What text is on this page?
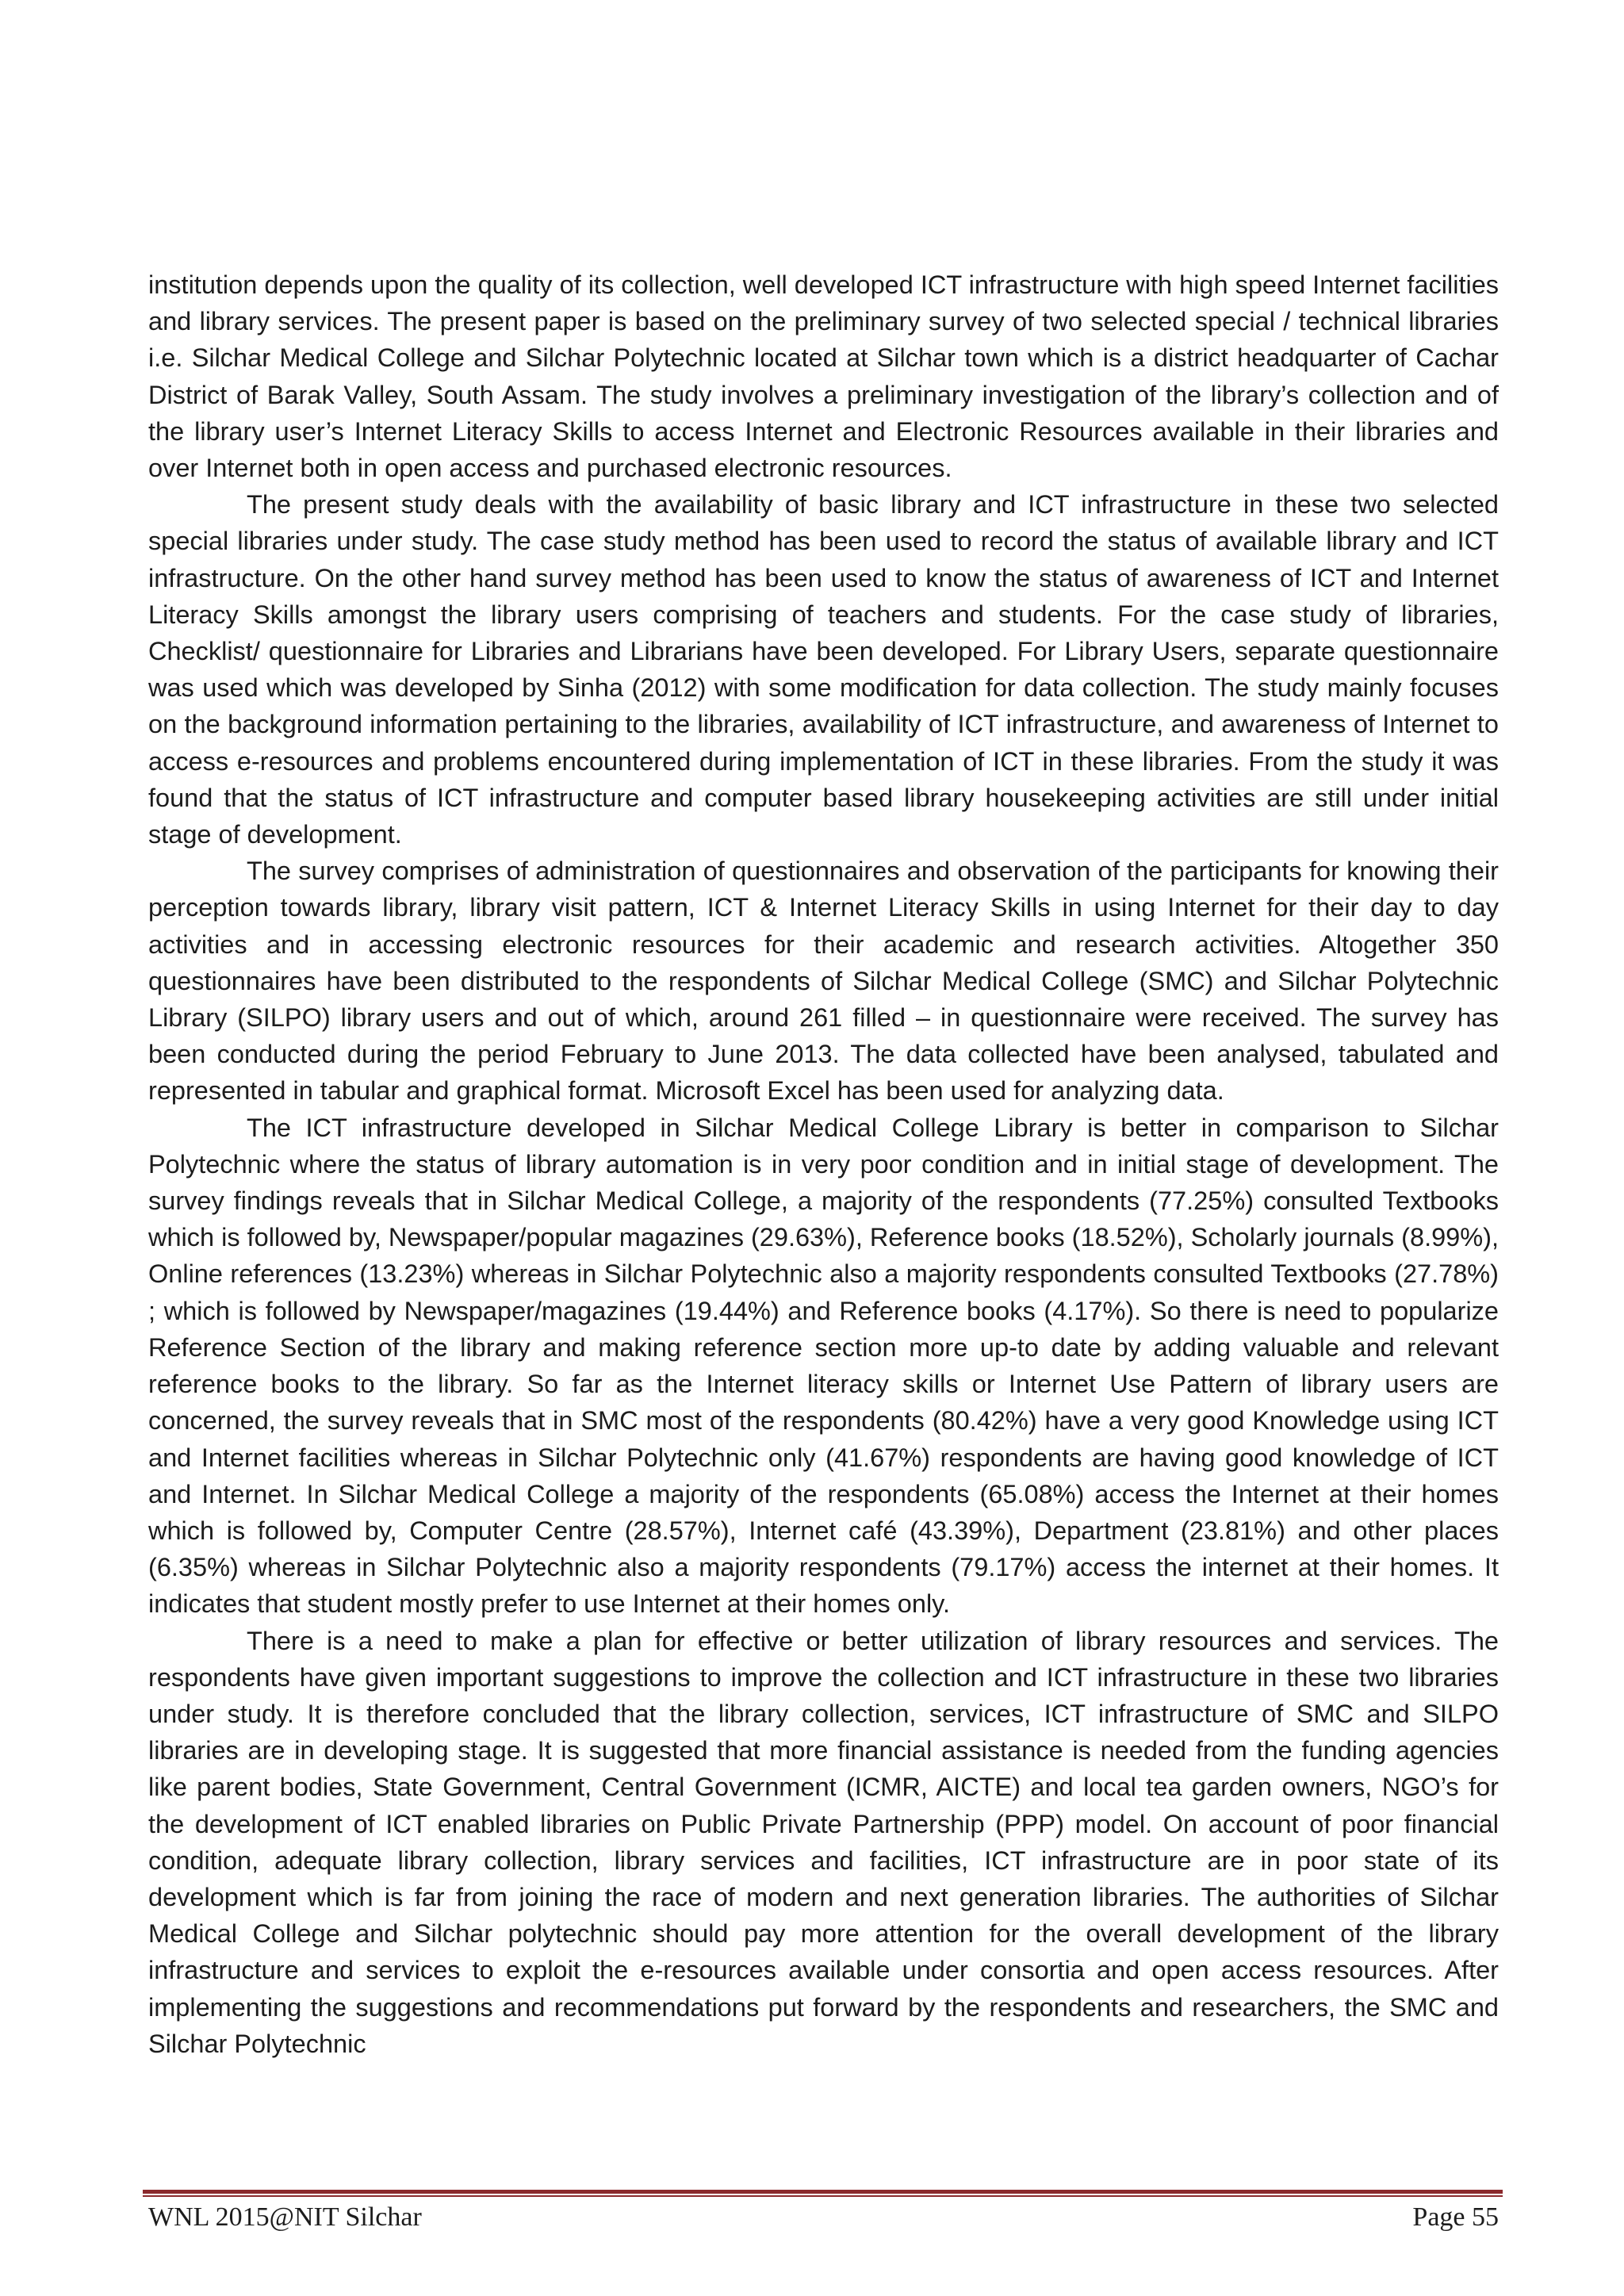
institution depends upon the quality of its collection, well developed ICT infrastructure with high speed Internet facilities and library services. The present paper is based on the preliminary survey of two selected special / technical libraries i.e. Silchar Medical College and Silchar Polytechnic located at Silchar town which is a district headquarter of Cachar District of Barak Valley, South Assam. The study involves a preliminary investigation of the library’s collection and of the library user’s Internet Literacy Skills to access Internet and Electronic Resources available in their libraries and over Internet both in open access and purchased electronic resources.

The present study deals with the availability of basic library and ICT infrastructure in these two selected special libraries under study. The case study method has been used to record the status of available library and ICT infrastructure. On the other hand survey method has been used to know the status of awareness of ICT and Internet Literacy Skills amongst the library users comprising of teachers and students. For the case study of libraries, Checklist/ questionnaire for Libraries and Librarians have been developed. For Library Users, separate questionnaire was used which was developed by Sinha (2012) with some modification for data collection. The study mainly focuses on the background information pertaining to the libraries, availability of ICT infrastructure, and awareness of Internet to access e-resources and problems encountered during implementation of ICT in these libraries. From the study it was found that the status of ICT infrastructure and computer based library housekeeping activities are still under initial stage of development.

The survey comprises of administration of questionnaires and observation of the participants for knowing their perception towards library, library visit pattern, ICT & Internet Literacy Skills in using Internet for their day to day activities and in accessing electronic resources for their academic and research activities. Altogether 350 questionnaires have been distributed to the respondents of Silchar Medical College (SMC) and Silchar Polytechnic Library (SILPO) library users and out of which, around 261 filled – in questionnaire were received. The survey has been conducted during the period February to June 2013. The data collected have been analysed, tabulated and represented in tabular and graphical format. Microsoft Excel has been used for analyzing data.

The ICT infrastructure developed in Silchar Medical College Library is better in comparison to Silchar Polytechnic where the status of library automation is in very poor condition and in initial stage of development. The survey findings reveals that in Silchar Medical College, a majority of the respondents (77.25%) consulted Textbooks which is followed by, Newspaper/popular magazines (29.63%), Reference books (18.52%), Scholarly journals (8.99%), Online references (13.23%) whereas in Silchar Polytechnic also a majority respondents consulted Textbooks (27.78%) ; which is followed by Newspaper/magazines (19.44%) and Reference books (4.17%). So there is need to popularize Reference Section of the library and making reference section more up-to date by adding valuable and relevant reference books to the library. So far as the Internet literacy skills or Internet Use Pattern of library users are concerned, the survey reveals that in SMC most of the respondents (80.42%) have a very good Knowledge using ICT and Internet facilities whereas in Silchar Polytechnic only (41.67%) respondents are having good knowledge of ICT and Internet. In Silchar Medical College a majority of the respondents (65.08%) access the Internet at their homes which is followed by, Computer Centre (28.57%), Internet café (43.39%), Department (23.81%) and other places (6.35%) whereas in Silchar Polytechnic also a majority respondents (79.17%) access the internet at their homes. It indicates that student mostly prefer to use Internet at their homes only.

There is a need to make a plan for effective or better utilization of library resources and services. The respondents have given important suggestions to improve the collection and ICT infrastructure in these two libraries under study. It is therefore concluded that the library collection, services, ICT infrastructure of SMC and SILPO libraries are in developing stage. It is suggested that more financial assistance is needed from the funding agencies like parent bodies, State Government, Central Government (ICMR, AICTE) and local tea garden owners, NGO’s for the development of ICT enabled libraries on Public Private Partnership (PPP) model. On account of poor financial condition, adequate library collection, library services and facilities, ICT infrastructure are in poor state of its development which is far from joining the race of modern and next generation libraries. The authorities of Silchar Medical College and Silchar polytechnic should pay more attention for the overall development of the library infrastructure and services to exploit the e-resources available under consortia and open access resources. After implementing the suggestions and recommendations put forward by the respondents and researchers, the SMC and Silchar Polytechnic

WNL 2015@NIT Silchar	Page 55
